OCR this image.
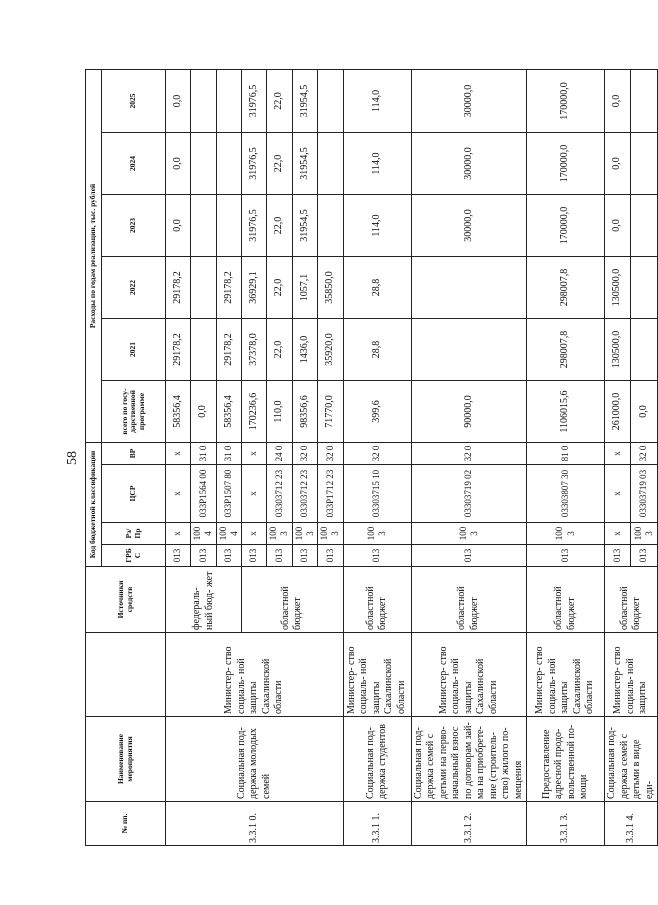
58
№ пп.	Наименование мероприятия		Источники средств	Код бюджетной классификации				Расходы по годам реализации, тыс. рублей					
				ГРБ С	Рз/ Пр	ЦСР	ВР	всего по госу- дарственной программе	2021	2022	2023	2024	2025
3.3.1 0.	Социальная под- держка молодых семей	Министер- ство социаль- ной защиты Сахалинской области	федераль- ный бюд- жет	013	х	х	х	58356,4	29178,2	29178,2	0,0	0,0	0,0
				013	100 4	033P1564 00	31 0	0,0					
				013	100 4	033P1507 80	31 0	58356,4	29178,2	29178,2			
			областной бюджет	013	х	х	х	170236,6	37378,0	36929,1	31976,5	31976,5	31976,5
				013	100 3	03303712 23	24 0	110,0	22,0	22,0	22,0	22,0	22,0
				013	100 3	03303712 23	32 0	98356,6	1436,0	1057,1	31954,5	31954,5	31954,5
				013	100 3	033P1712 23	32 0	71770,0	35920,0	35850,0			
3.3.1 1.	Социальная под- держка студентов	Министер- ство социаль- ной защиты Сахалинской области	областной бюджет	013	100 3	03303715 10	32 0	399,6	28,8	28,8	114,0	114,0	114,0
3.3.1 2.	Социальная под- держка семей с детьми на перво- начальный взнос по договорам зай- ма на приобрете- ние (строитель- ство) жилого по- мещения	Министер- ство социаль- ной защиты Сахалинской области	областной бюджет	013	100 3	03303719 02	32 0	90000,0			30000,0	30000,0	30000,0
3.3.1 3.	Предоставление адресной продо- вольственной по- мощи	Министер- ство социаль- ной защиты Сахалинской области	областной бюджет	013	100 3	03303807 30	81 0	1106015,6	298007,8	298007,8	170000,0	170000,0	170000,0
3.3.1 4.	Социальная под- держка семей с детьми в виде еди-	Министер- ство социаль- ной защиты	областной бюджет	013	х	х	х	261000,0	130500,0	130500,0	0,0	0,0	0,0
				013	100 3	03303719 03	32 0	0,0					
